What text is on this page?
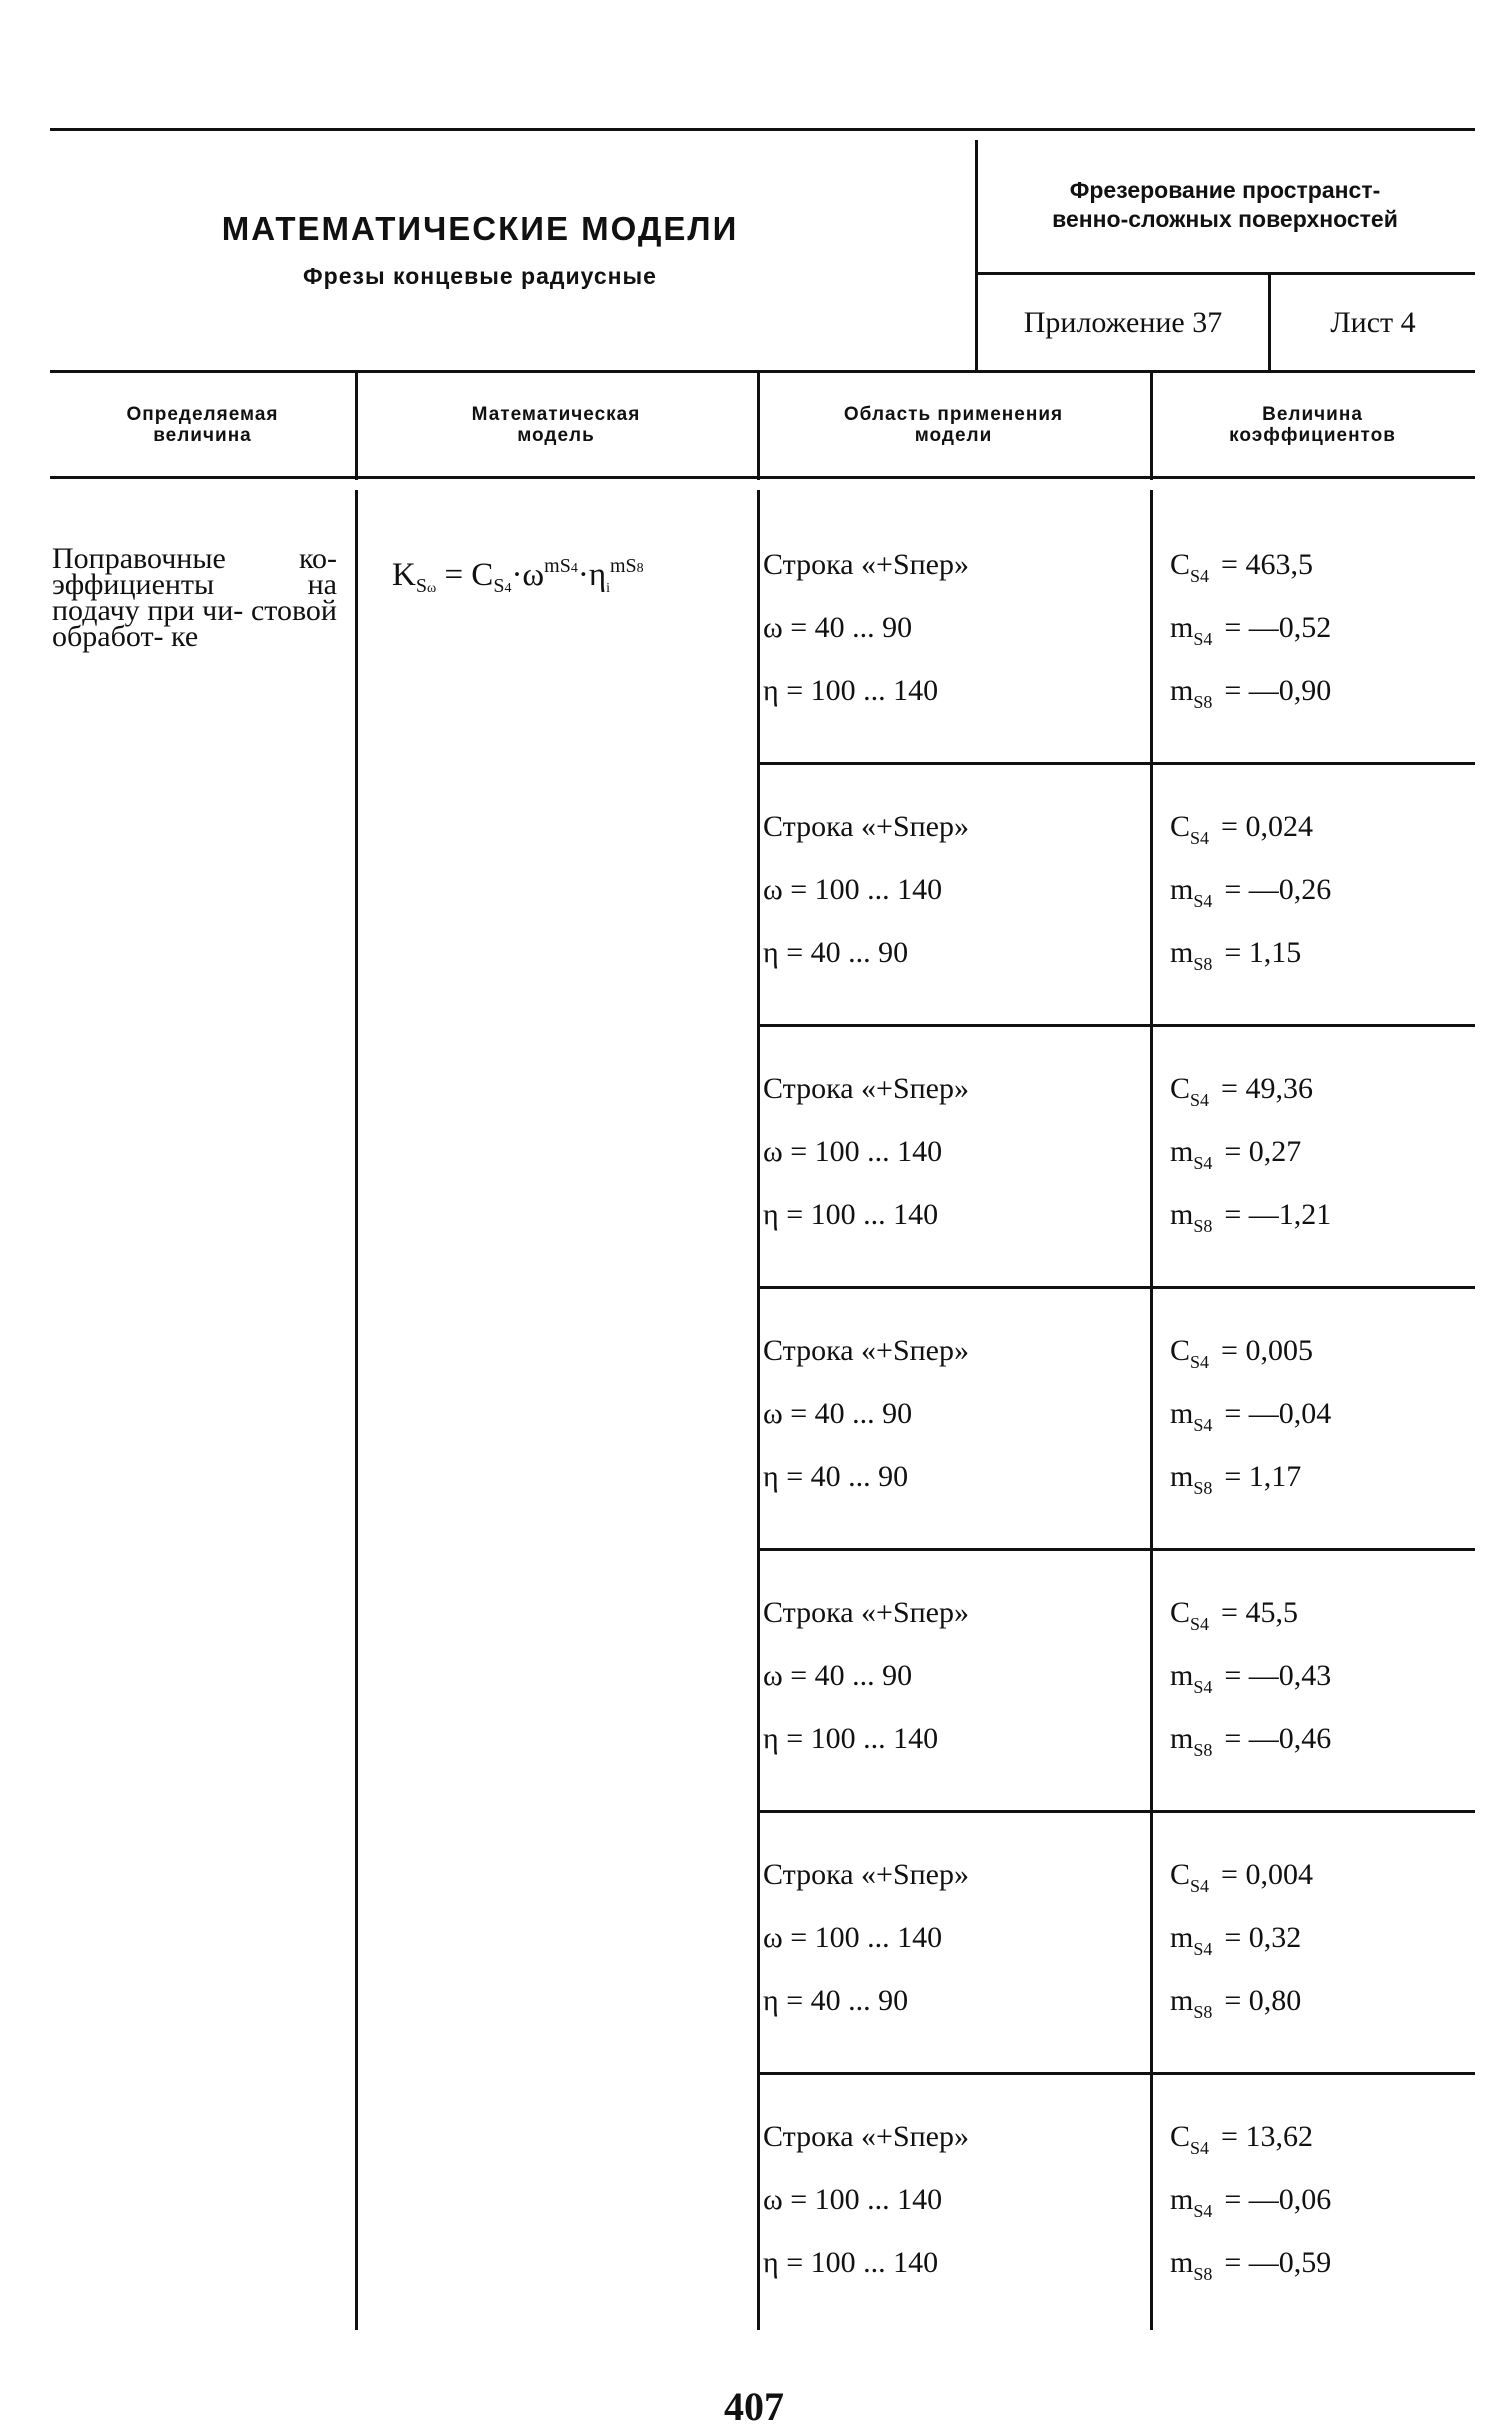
МАТЕМАТИЧЕСКИЕ МОДЕЛИ
Фрезы концевые радиусные
Фрезерование пространст-
венно-сложных поверхностей
Приложение 37	Лист 4
Определяемая
величина
Математическая
модель
Область применения
модели
Величина
коэффициентов
Поправочные ко- эффициенты на подачу при чи- стовой обработ- ке
$K_{S\omega} = C_{S4}\cdot\omega^{mS4}\cdot\eta_i^{mS8}$	Строка «+Sпер»
ω = 40 ... 90
η = 100 ... 140
$C_{S4} = 463,5$
$m_{S4}$ = —0,52
$m_{S8}$ = —0,90
Строка «+Sпер»
ω = 100 ... 140
η = 40 ... 90
$C_{S4} = 0,024$
$m_{S4}$ = —0,26
$m_{S8} = 1,15$
Строка «+Sпер»
ω = 100 ... 140
η = 100 ... 140
$C_{S4} = 49,36$
$m_{S4} = 0,27$
$m_{S8}$ = —1,21
Строка «+Sпер»
ω = 40 ... 90
η = 40 ... 90
$C_{S4} = 0,005$
$m_{S4}$ = —0,04
$m_{S8} = 1,17$
Строка «+Sпер»
ω = 40 ... 90
η = 100 ... 140
$C_{S4} = 45,5$
$m_{S4}$ = —0,43
$m_{S8}$ = —0,46
Строка «+Sпер»
ω = 100 ... 140
η = 40 ... 90
$C_{S4} = 0,004$
$m_{S4} = 0,32$
$m_{S8} = 0,80$
Строка «+Sпер»
ω = 100 ... 140
η = 100 ... 140
$C_{S4} = 13,62$
$m_{S4}$ = —0,06
$m_{S8}$ = —0,59
407
